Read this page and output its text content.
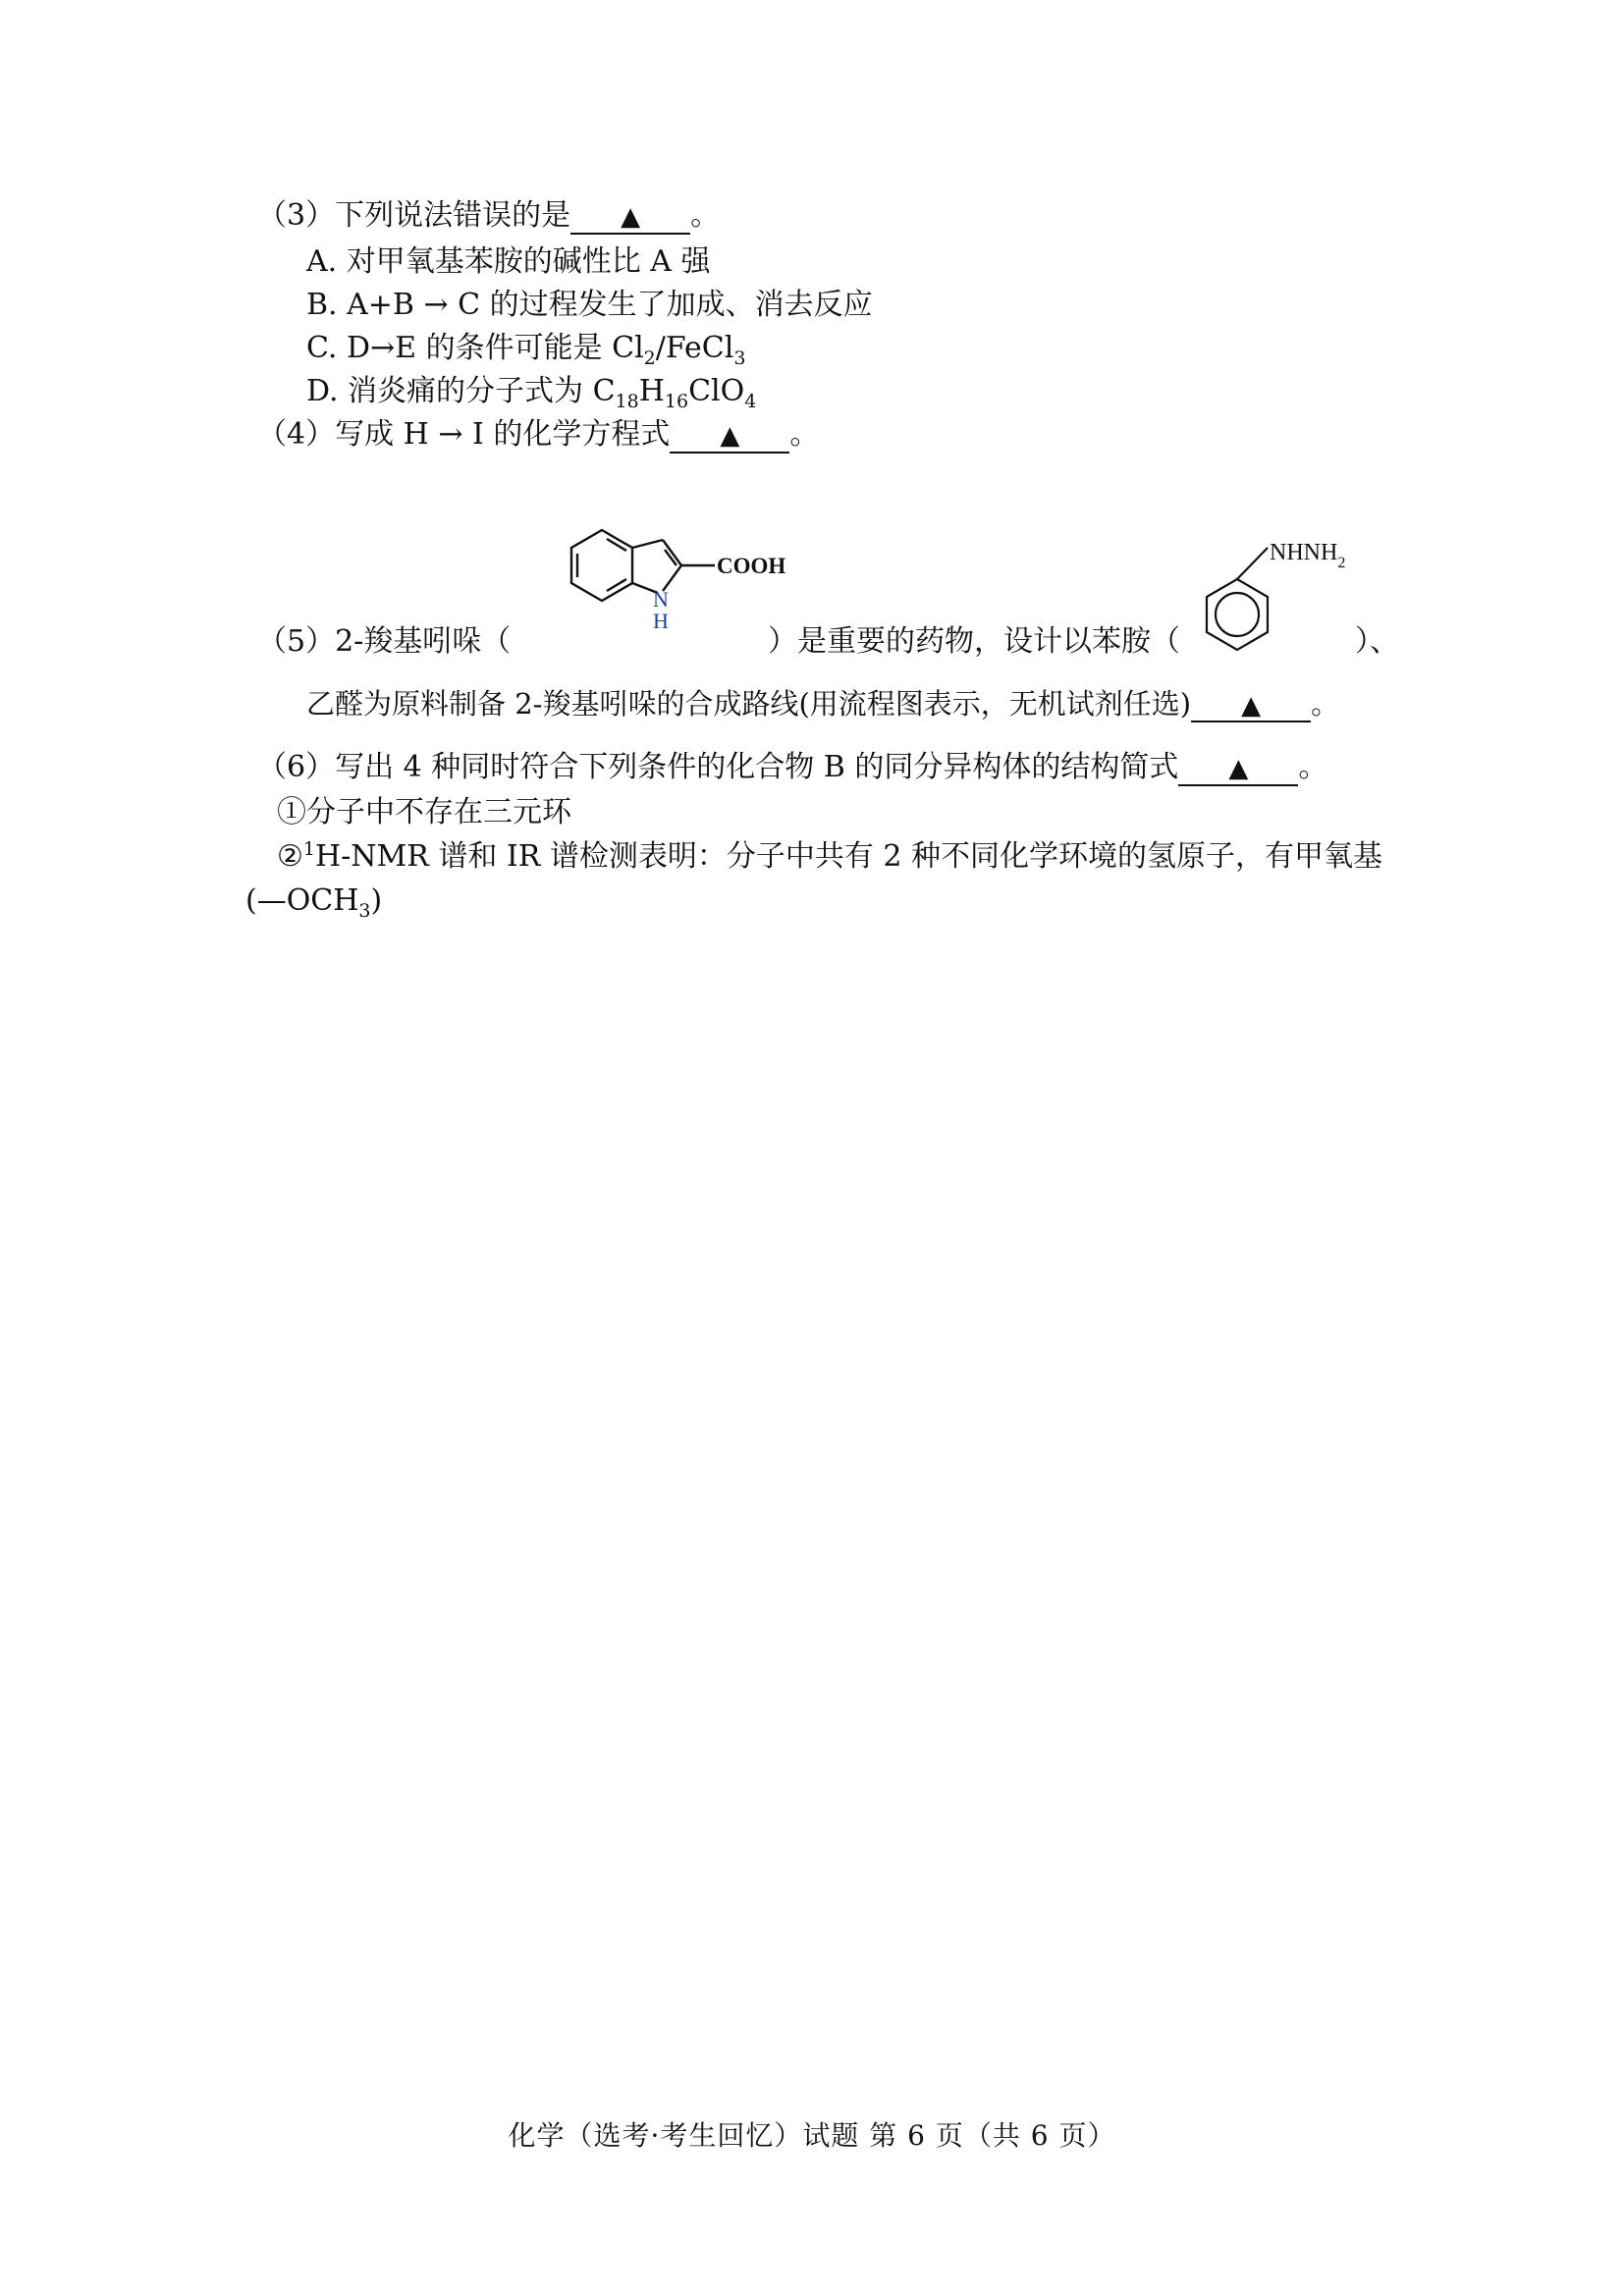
（3）下列说法错误的是 ▲ 。
A. 对甲氧基苯胺的碱性比 A 强
B. A+B → C 的过程发生了加成、消去反应
C. D→E 的条件可能是 $Cl_2/FeCl_3$
D. 消炎痛的分子式为 $C_{18}H_{16}ClO_4$
（4）写成 H → I 的化学方程式 ▲ 。
COOH
N
H
$NHNH_2$
（5）2-羧基吲哚（	）是重要的药物，设计以苯胺（	）、
乙醛为原料制备 2-羧基吲哚的合成路线(用流程图表示，无机试剂任选) ▲ 。
（6）写出 4 种同时符合下列条件的化合物 B 的同分异构体的结构简式 ▲ 。
①分子中不存在三元环
②$^1$H-NMR 谱和 IR 谱检测表明：分子中共有 2 种不同化学环境的氢原子，有甲氧基
$(—OCH_3)$
化学（选考·考生回忆）试题 第 6 页（共 6 页）
